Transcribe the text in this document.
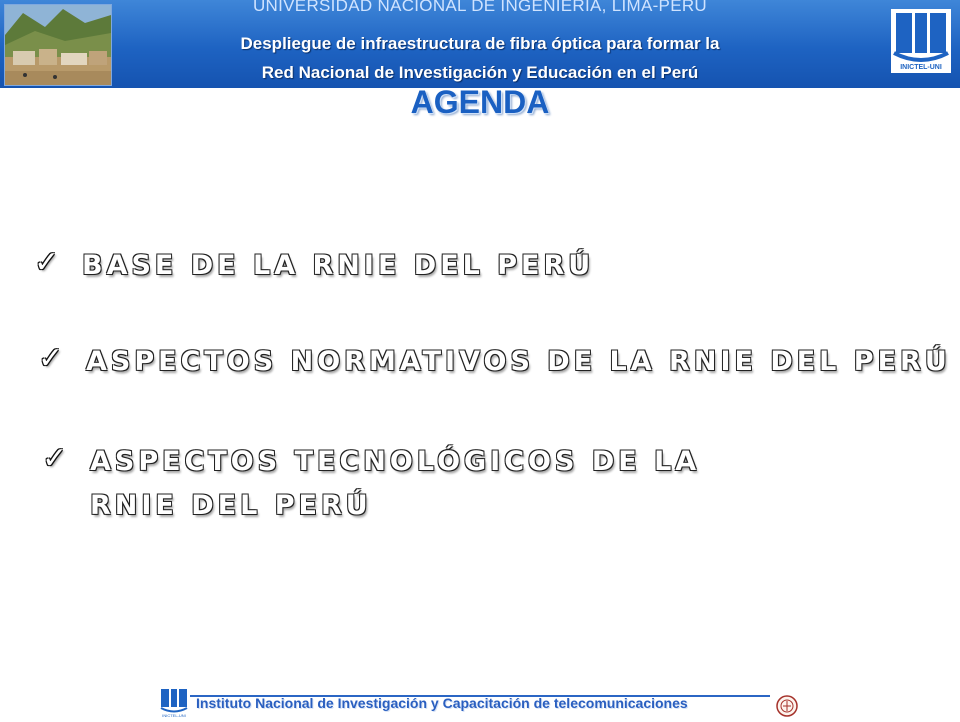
UNIVERSIDAD NACIONAL DE INGENIERIA, LIMA-PERU
Despliegue de infraestructura de fibra óptica para formar la
Red Nacional de Investigación y Educación en el Perú	INICTEL-UNI
AGENDA
✓ BASE DE LA RNIE DEL PERÚ
✓ ASPECTOS NORMATIVOS DE LA RNIE DEL PERÚ
✓ ASPECTOS TECNOLÓGICOS DE LA
RNIE DEL PERÚ
INICTEL-UNI
Instituto Nacional de Investigación y Capacitación de telecomunicaciones
